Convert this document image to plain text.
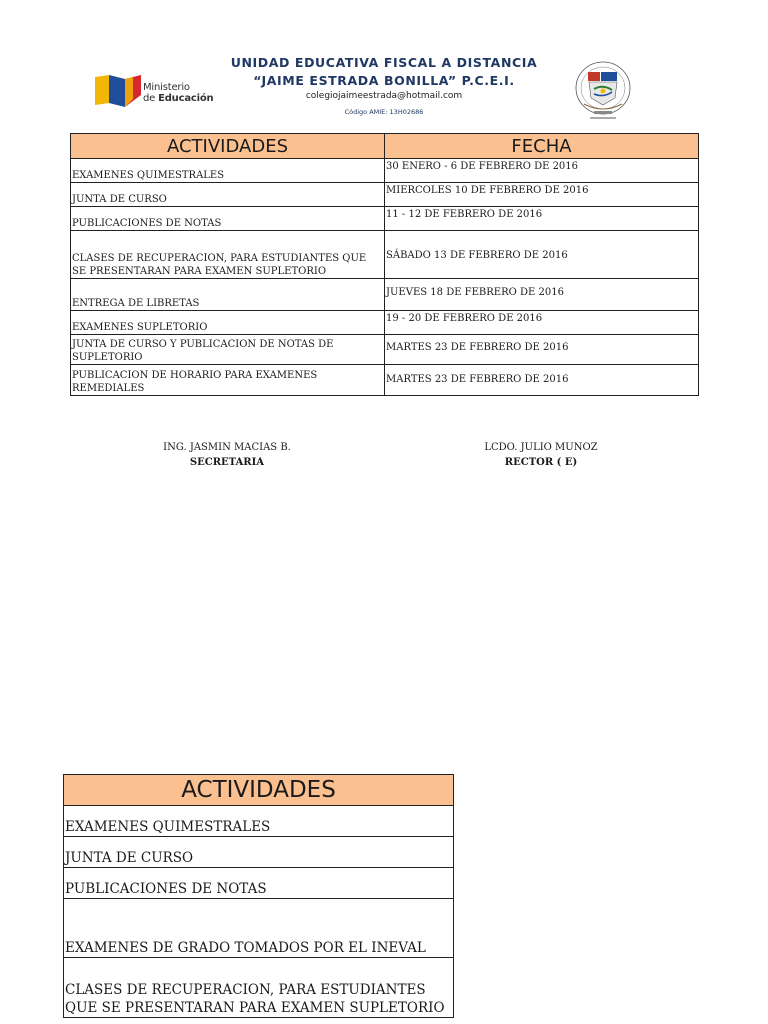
Ministerio
de Educación
UNIDAD EDUCATIVA FISCAL A DISTANCIA
“JAIME ESTRADA BONILLA” P.C.E.I.
colegiojaimeestrada@hotmail.com
Código AMIE: 13H02686
ACTIVIDADES	FECHA
EXAMENES QUIMESTRALES	30 ENERO - 6 DE FEBRERO DE 2016
JUNTA DE CURSO	MIERCOLES 10 DE FEBRERO DE 2016
PUBLICACIONES DE NOTAS	11 - 12 DE FEBRERO DE 2016
CLASES DE RECUPERACION, PARA ESTUDIANTES QUE SE PRESENTARAN PARA EXAMEN SUPLETORIO	SÁBADO 13 DE FEBRERO DE 2016
ENTREGA DE LIBRETAS	JUEVES 18 DE FEBRERO DE 2016
EXAMENES SUPLETORIO	19 - 20 DE FEBRERO DE 2016
JUNTA DE CURSO Y PUBLICACION DE NOTAS DE SUPLETORIO	MARTES 23 DE FEBRERO DE 2016
PUBLICACION DE HORARIO PARA EXAMENES REMEDIALES	MARTES 23 DE FEBRERO DE 2016
ING. JASMIN MACIAS B.
SECRETARIA
LCDO. JULIO MUNOZ
RECTOR ( E)
ACTIVIDADES
EXAMENES QUIMESTRALES
JUNTA DE CURSO
PUBLICACIONES DE NOTAS
EXAMENES DE GRADO TOMADOS POR EL INEVAL
CLASES DE RECUPERACION, PARA ESTUDIANTES QUE SE PRESENTARAN PARA EXAMEN SUPLETORIO
